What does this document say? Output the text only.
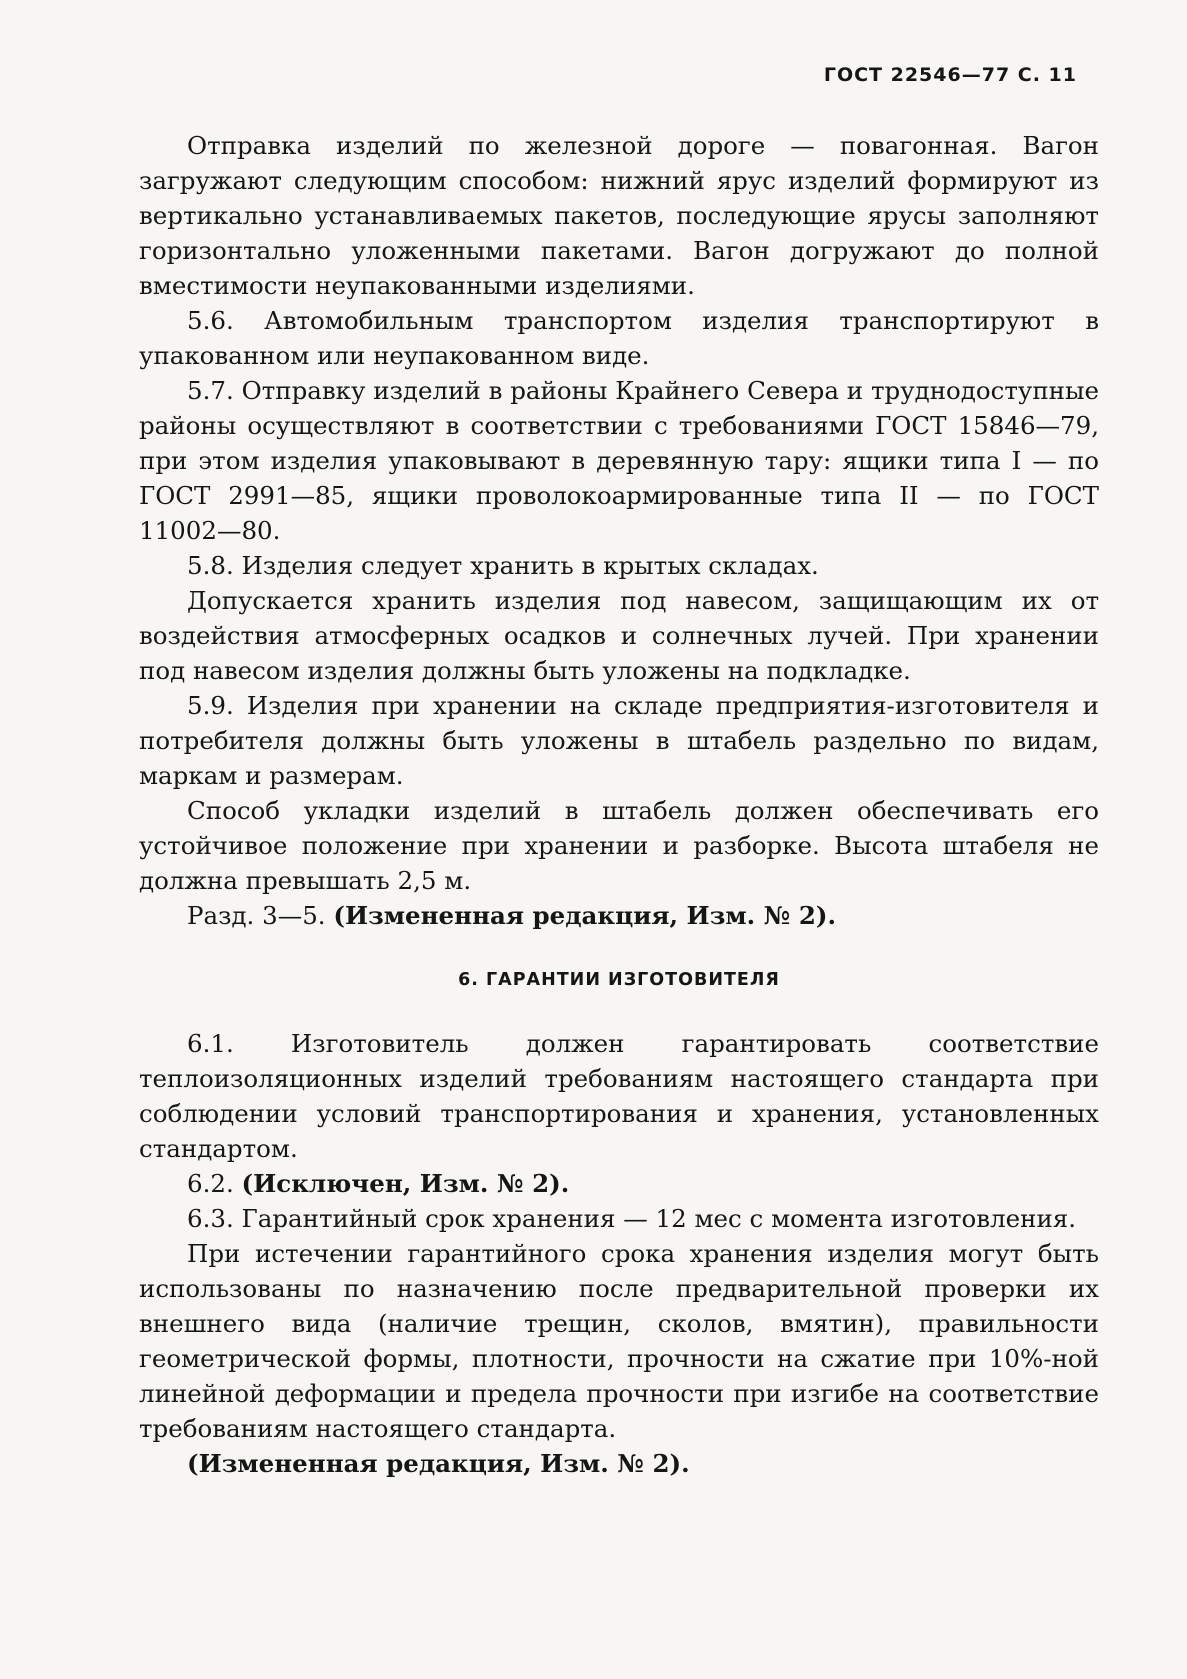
ГОСТ 22546—77 С. 11

Отправка изделий по железной дороге — повагонная. Вагон загружают следующим способом: нижний ярус изделий формируют из вертикально устанавливаемых пакетов, последующие ярусы заполняют горизонтально уложенными пакетами. Вагон догружают до полной вместимости неупакованными изделиями.

5.6. Автомобильным транспортом изделия транспортируют в упакованном или неупакованном виде.

5.7. Отправку изделий в районы Крайнего Севера и труднодоступные районы осуществляют в соответствии с требованиями ГОСТ 15846—79, при этом изделия упаковывают в деревянную тару: ящики типа I — по ГОСТ 2991—85, ящики проволокоармированные типа II — по ГОСТ 11002—80.

5.8. Изделия следует хранить в крытых складах.

Допускается хранить изделия под навесом, защищающим их от воздействия атмосферных осадков и солнечных лучей. При хранении под навесом изделия должны быть уложены на подкладке.

5.9. Изделия при хранении на складе предприятия-изготовителя и потребителя должны быть уложены в штабель раздельно по видам, маркам и размерам.

Способ укладки изделий в штабель должен обеспечивать его устойчивое положение при хранении и разборке. Высота штабеля не должна превышать 2,5 м.

Разд. 3—5. (Измененная редакция, Изм. № 2).

6. ГАРАНТИИ ИЗГОТОВИТЕЛЯ

6.1. Изготовитель должен гарантировать соответствие теплоизоляционных изделий требованиям настоящего стандарта при соблюдении условий транспортирования и хранения, установленных стандартом.

6.2. (Исключен, Изм. № 2).

6.3. Гарантийный срок хранения — 12 мес с момента изготовления.

При истечении гарантийного срока хранения изделия могут быть использованы по назначению после предварительной проверки их внешнего вида (наличие трещин, сколов, вмятин), правильности геометрической формы, плотности, прочности на сжатие при 10%-ной линейной деформации и предела прочности при изгибе на соответствие требованиям настоящего стандарта.

(Измененная редакция, Изм. № 2).
